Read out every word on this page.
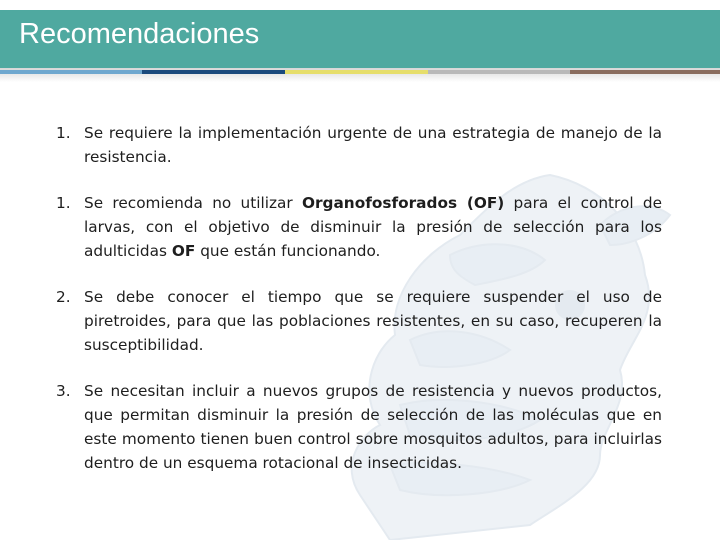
Recomendaciones
1. Se requiere la implementación urgente de una estrategia de manejo de la resistencia.
1. Se recomienda no utilizar Organofosforados (OF) para el control de larvas, con el objetivo de disminuir la presión de selección para los adulticidas OF que están funcionando.
2. Se debe conocer el tiempo que se requiere suspender el uso de piretroides, para que las poblaciones resistentes, en su caso, recuperen la susceptibilidad.
3. Se necesitan incluir a nuevos grupos de resistencia y nuevos productos, que permitan disminuir la presión de selección de las moléculas que en este momento tienen buen control sobre mosquitos adultos, para incluirlas dentro de un esquema rotacional de insecticidas.
